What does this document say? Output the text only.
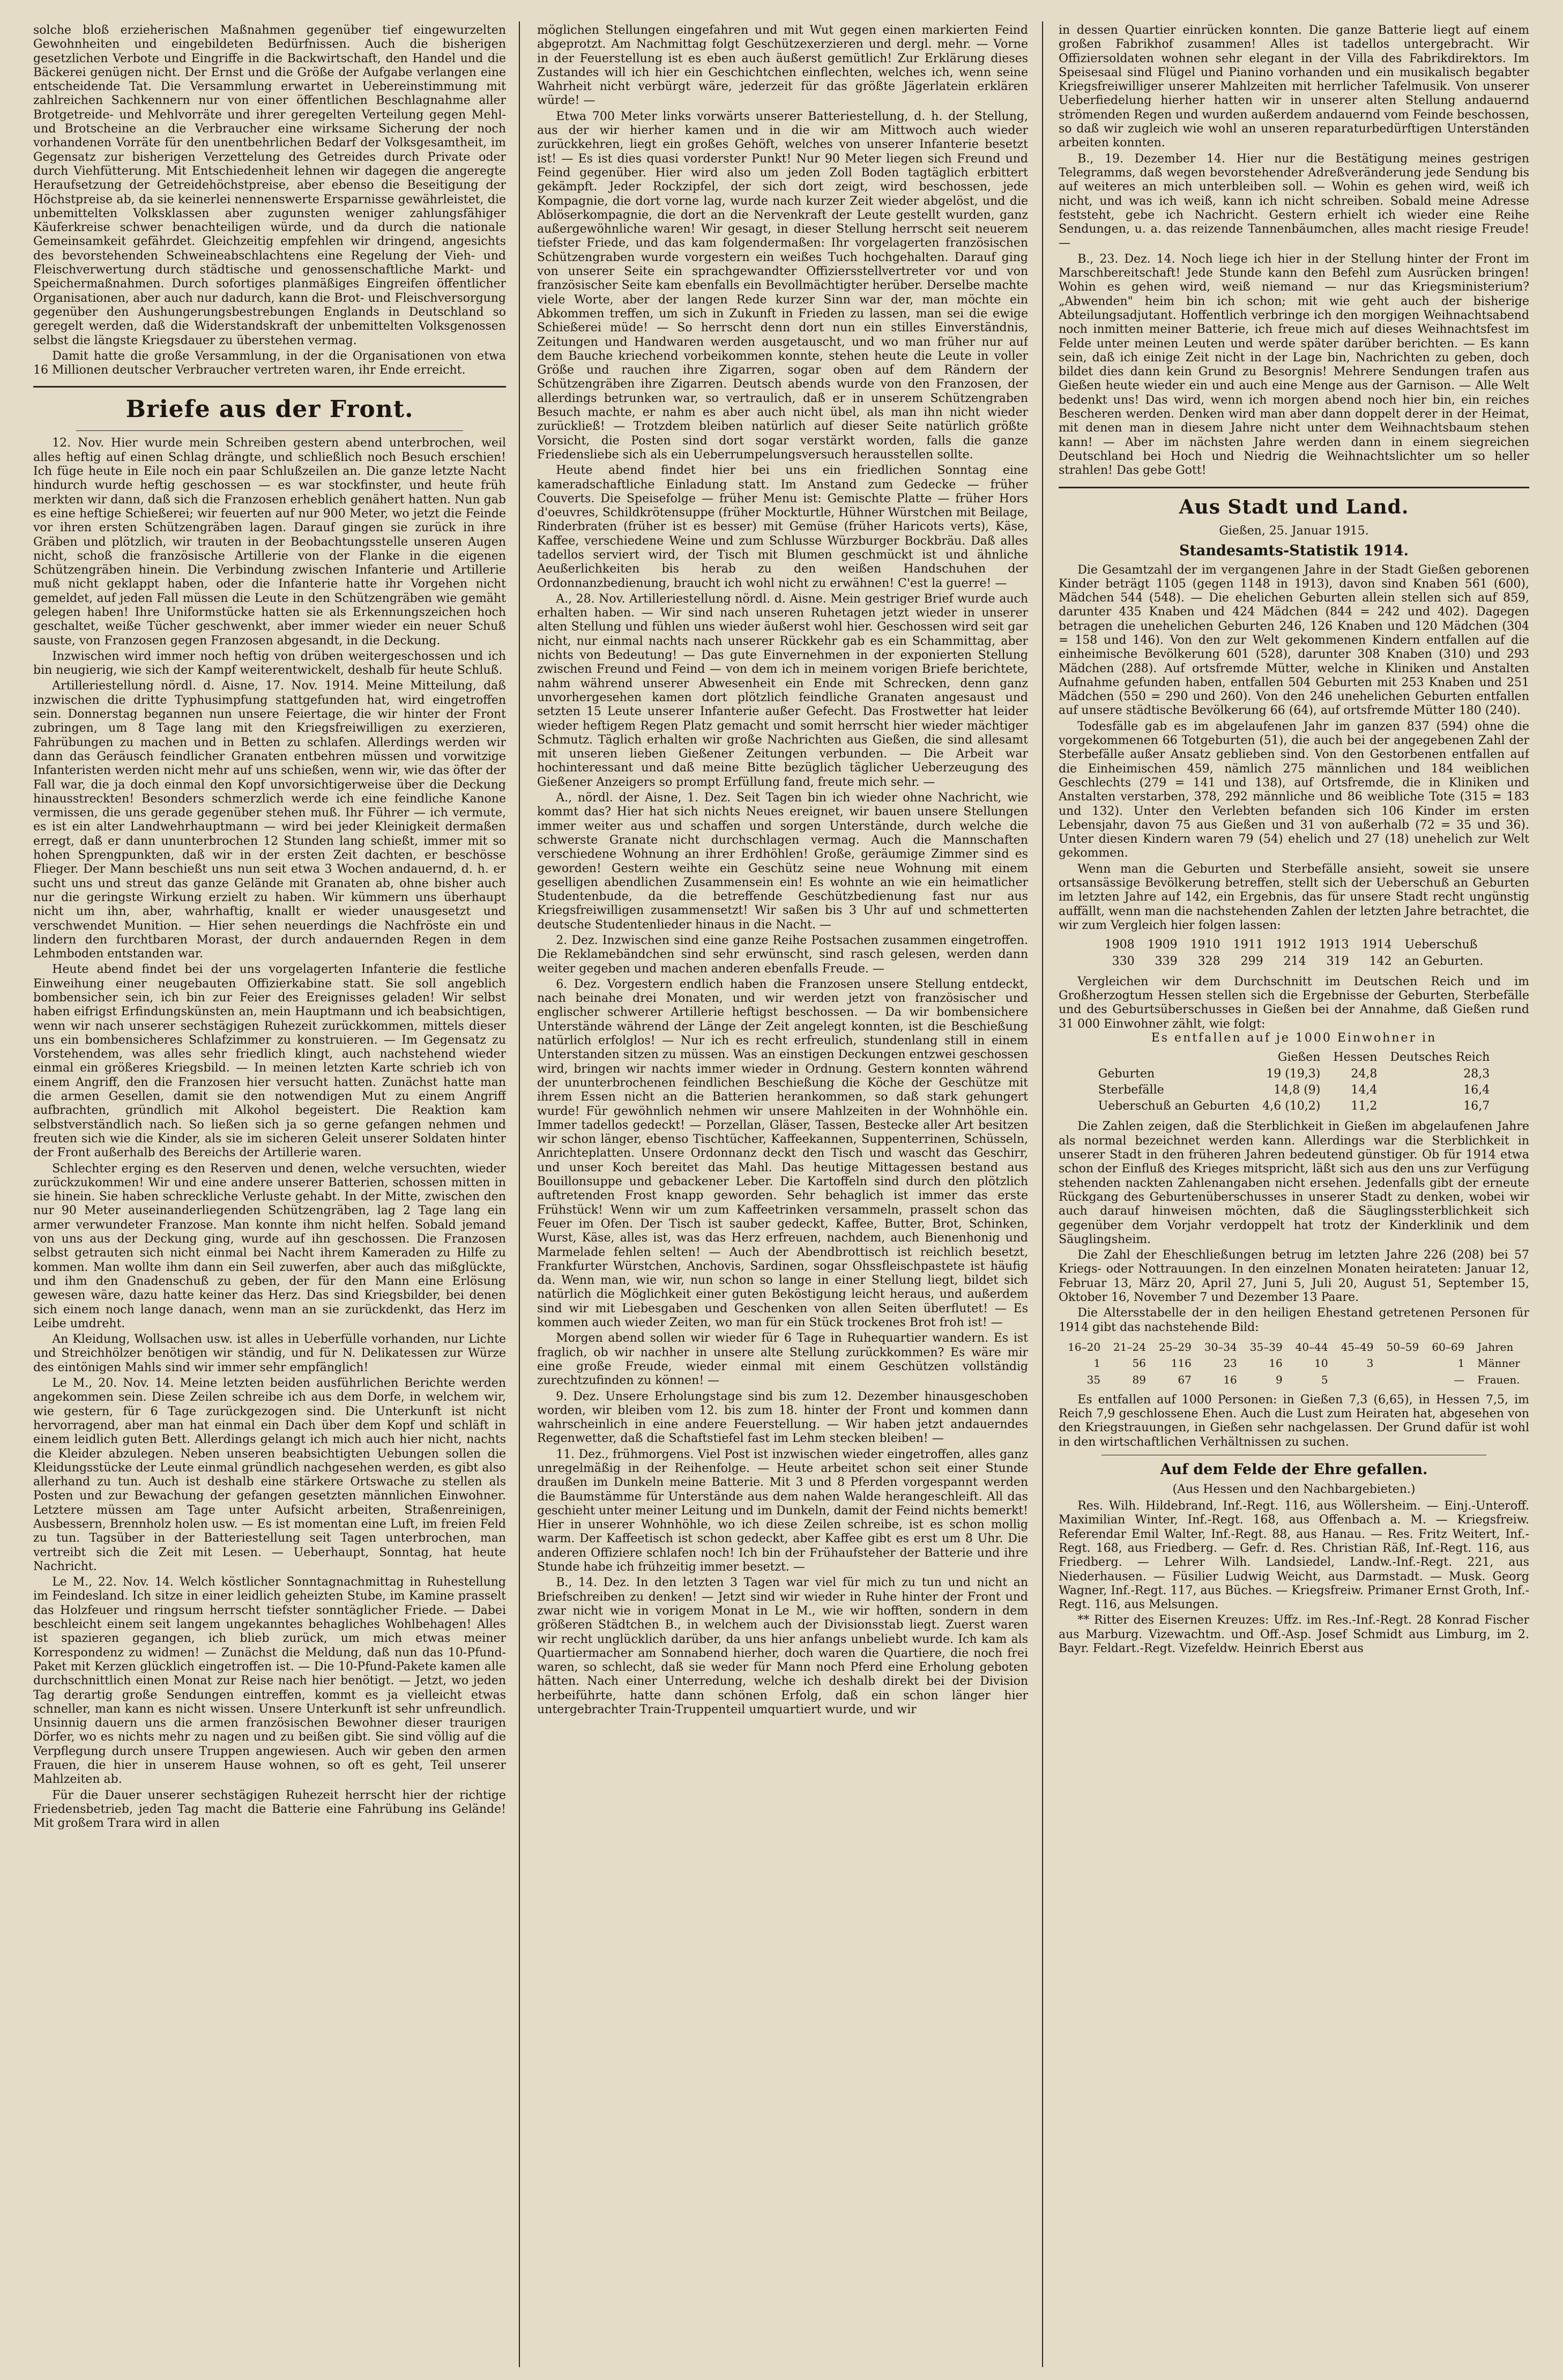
solche bloß erzieherischen Maßnahmen gegenüber tief eingewurzelten Gewohnheiten und eingebildeten Bedürfnissen. Auch die bisherigen gesetzlichen Verbote und Eingriffe in die Backwirtschaft, den Handel und die Bäckerei genügen nicht. Der Ernst und die Größe der Aufgabe verlangen eine entscheidende Tat. Die Versammlung erwartet in Uebereinstimmung mit zahlreichen Sachkennern nur von einer öffentlichen Beschlagnahme aller Brotgetreide- und Mehlvorräte und ihrer geregelten Verteilung gegen Mehl- und Brotscheine an die Verbraucher eine wirksame Sicherung der noch vorhandenen Vorräte für den unentbehrlichen Bedarf der Volksgesamtheit, im Gegensatz zur bisherigen Verzettelung des Getreides durch Private oder durch Viehfütterung. Mit Entschiedenheit lehnen wir dagegen die angeregte Heraufsetzung der Getreidehöchstpreise, aber ebenso die Beseitigung der Höchstpreise ab, da sie keinerlei nennenswerte Ersparnisse gewährleistet, die unbemittelten Volksklassen aber zugunsten weniger zahlungsfähiger Käuferkreise schwer benachteiligen würde, und da durch die nationale Gemeinsamkeit gefährdet. Gleichzeitig empfehlen wir dringend, angesichts des bevorstehenden Schweineabschlachtens eine Regelung der Vieh- und Fleischverwertung durch städtische und genossenschaftliche Markt- und Speichermaßnahmen. Durch sofortiges planmäßiges Eingreifen öffentlicher Organisationen, aber auch nur dadurch, kann die Brot- und Fleischversorgung gegenüber den Aushungerungsbestrebungen Englands in Deutschland so geregelt werden, daß die Widerstandskraft der unbemittelten Volksgenossen selbst die längste Kriegsdauer zu überstehen vermag.

Damit hatte die große Versammlung, in der die Organisationen von etwa 16 Millionen deutscher Verbraucher vertreten waren, ihr Ende erreicht.

Briefe aus der Front.

12. Nov. Hier wurde mein Schreiben gestern abend unterbrochen, weil alles heftig auf einen Schlag drängte, und schließlich noch Besuch erschien! Ich füge heute in Eile noch ein paar Schlußzeilen an. Die ganze letzte Nacht hindurch wurde heftig geschossen — es war stockfinster, und heute früh merkten wir dann, daß sich die Franzosen erheblich genähert hatten. Nun gab es eine heftige Schießerei; wir feuerten auf nur 900 Meter, wo jetzt die Feinde vor ihren ersten Schützengräben lagen. Darauf gingen sie zurück in ihre Gräben und plötzlich, wir trauten in der Beobachtungsstelle unseren Augen nicht, schoß die französische Artillerie von der Flanke in die eigenen Schützengräben hinein. Die Verbindung zwischen Infanterie und Artillerie muß nicht geklappt haben, oder die Infanterie hatte ihr Vorgehen nicht gemeldet, auf jeden Fall müssen die Leute in den Schützengräben wie gemäht gelegen haben! Ihre Uniformstücke hatten sie als Erkennungszeichen hoch geschaltet, weiße Tücher geschwenkt, aber immer wieder ein neuer Schuß sauste, von Franzosen gegen Franzosen abgesandt, in die Deckung.

Inzwischen wird immer noch heftig von drüben weitergeschossen und ich bin neugierig, wie sich der Kampf weiterentwickelt, deshalb für heute Schluß.

Artilleriestellung nördl. d. Aisne, 17. Nov. 1914. Meine Mitteilung, daß inzwischen die dritte Typhusimpfung stattgefunden hat, wird eingetroffen sein. Donnerstag begannen nun unsere Feiertage, die wir hinter der Front zubringen, um 8 Tage lang mit den Kriegsfreiwilligen zu exerzieren, Fahrübungen zu machen und in Betten zu schlafen. Allerdings werden wir dann das Geräusch feindlicher Granaten entbehren müssen und vorwitzige Infanteristen werden nicht mehr auf uns schießen, wenn wir, wie das öfter der Fall war, die ja doch einmal den Kopf unvorsichtigerweise über die Deckung hinausstreckten! Besonders schmerzlich werde ich eine feindliche Kanone vermissen, die uns gerade gegenüber stehen muß. Ihr Führer — ich vermute, es ist ein alter Landwehrhauptmann — wird bei jeder Kleinigkeit dermaßen erregt, daß er dann ununterbrochen 12 Stunden lang schießt, immer mit so hohen Sprengpunkten, daß wir in der ersten Zeit dachten, er beschösse Flieger. Der Mann beschießt uns nun seit etwa 3 Wochen andauernd, d. h. er sucht uns und streut das ganze Gelände mit Granaten ab, ohne bisher auch nur die geringste Wirkung erzielt zu haben. Wir kümmern uns überhaupt nicht um ihn, aber, wahrhaftig, knallt er wieder unausgesetzt und verschwendet Munition. — Hier sehen neuerdings die Nachfröste ein und lindern den furchtbaren Morast, der durch andauernden Regen in dem Lehmboden entstanden war.

Heute abend findet bei der uns vorgelagerten Infanterie die festliche Einweihung einer neugebauten Offizierkabine statt. Sie soll angeblich bombensicher sein, ich bin zur Feier des Ereignisses geladen! Wir selbst haben eifrigst Erfindungskünsten an, mein Hauptmann und ich beabsichtigen, wenn wir nach unserer sechstägigen Ruhezeit zurückkommen, mittels dieser uns ein bombensicheres Schlafzimmer zu konstruieren. — Im Gegensatz zu Vorstehendem, was alles sehr friedlich klingt, auch nachstehend wieder einmal ein größeres Kriegsbild. — In meinen letzten Karte schrieb ich von einem Angriff, den die Franzosen hier versucht hatten. Zunächst hatte man die armen Gesellen, damit sie den notwendigen Mut zu einem Angriff aufbrachten, gründlich mit Alkohol begeistert. Die Reaktion kam selbstverständlich nach. So ließen sich ja so gerne gefangen nehmen und freuten sich wie die Kinder, als sie im sicheren Geleit unserer Soldaten hinter der Front außerhalb des Bereichs der Artillerie waren.

Schlechter erging es den Reserven und denen, welche versuchten, wieder zurückzukommen! Wir und eine andere unserer Batterien, schossen mitten in sie hinein. Sie haben schreckliche Verluste gehabt. In der Mitte, zwischen den nur 90 Meter auseinanderliegenden Schützengräben, lag 2 Tage lang ein armer verwundeter Franzose. Man konnte ihm nicht helfen. Sobald jemand von uns aus der Deckung ging, wurde auf ihn geschossen. Die Franzosen selbst getrauten sich nicht einmal bei Nacht ihrem Kameraden zu Hilfe zu kommen. Man wollte ihm dann ein Seil zuwerfen, aber auch das mißglückte, und ihm den Gnadenschuß zu geben, der für den Mann eine Erlösung gewesen wäre, dazu hatte keiner das Herz. Das sind Kriegsbilder, bei denen sich einem noch lange danach, wenn man an sie zurückdenkt, das Herz im Leibe umdreht.

An Kleidung, Wollsachen usw. ist alles in Ueberfülle vorhanden, nur Lichte und Streichhölzer benötigen wir ständig, und für N. Delikatessen zur Würze des eintönigen Mahls sind wir immer sehr empfänglich!

Le M., 20. Nov. 14. Meine letzten beiden ausführlichen Berichte werden angekommen sein. Diese Zeilen schreibe ich aus dem Dorfe, in welchem wir, wie gestern, für 6 Tage zurückgezogen sind. Die Unterkunft ist nicht hervorragend, aber man hat einmal ein Dach über dem Kopf und schläft in einem leidlich guten Bett. Allerdings gelangt ich mich auch hier nicht, nachts die Kleider abzulegen. Neben unseren beabsichtigten Uebungen sollen die Kleidungsstücke der Leute einmal gründlich nachgesehen werden, es gibt also allerhand zu tun. Auch ist deshalb eine stärkere Ortswache zu stellen als Posten und zur Bewachung der gefangen gesetzten männlichen Einwohner. Letztere müssen am Tage unter Aufsicht arbeiten, Straßenreinigen, Ausbessern, Brennholz holen usw. — Es ist momentan eine Luft, im freien Feld zu tun. Tagsüber in der Batteriestellung seit Tagen unterbrochen, man vertreibt sich die Zeit mit Lesen. — Ueberhaupt, Sonntag, hat heute Nachricht.

Le M., 22. Nov. 14. Welch köstlicher Sonntagnachmittag in Ruhestellung im Feindesland. Ich sitze in einer leidlich geheizten Stube, im Kamine prasselt das Holzfeuer und ringsum herrscht tiefster sonntäglicher Friede. — Dabei beschleicht einem seit langem ungekanntes behagliches Wohlbehagen! Alles ist spazieren gegangen, ich blieb zurück, um mich etwas meiner Korrespondenz zu widmen! — Zunächst die Meldung, daß nun das 10-Pfund-Paket mit Kerzen glücklich eingetroffen ist. — Die 10-Pfund-Pakete kamen alle durchschnittlich einen Monat zur Reise nach hier benötigt. — Jetzt, wo jeden Tag derartig große Sendungen eintreffen, kommt es ja vielleicht etwas schneller, man kann es nicht wissen. Unsere Unterkunft ist sehr unfreundlich. Unsinnig dauern uns die armen französischen Bewohner dieser traurigen Dörfer, wo es nichts mehr zu nagen und zu beißen gibt. Sie sind völlig auf die Verpflegung durch unsere Truppen angewiesen. Auch wir geben den armen Frauen, die hier in unserem Hause wohnen, so oft es geht, Teil unserer Mahlzeiten ab.

Für die Dauer unserer sechstägigen Ruhezeit herrscht hier der richtige Friedensbetrieb, jeden Tag macht die Batterie eine Fahrübung ins Gelände! Mit großem Trara wird in allen

möglichen Stellungen eingefahren und mit Wut gegen einen markierten Feind abgeprotzt. Am Nachmittag folgt Geschützexerzieren und dergl. mehr. — Vorne in der Feuerstellung ist es eben auch äußerst gemütlich! Zur Erklärung dieses Zustandes will ich hier ein Geschichtchen einflechten, welches ich, wenn seine Wahrheit nicht verbürgt wäre, jederzeit für das größte Jägerlatein erklären würde! —

Etwa 700 Meter links vorwärts unserer Batteriestellung, d. h. der Stellung, aus der wir hierher kamen und in die wir am Mittwoch auch wieder zurückkehren, liegt ein großes Gehöft, welches von unserer Infanterie besetzt ist! — Es ist dies quasi vorderster Punkt! Nur 90 Meter liegen sich Freund und Feind gegenüber. Hier wird also um jeden Zoll Boden tagtäglich erbittert gekämpft. Jeder Rockzipfel, der sich dort zeigt, wird beschossen, jede Kompagnie, die dort vorne lag, wurde nach kurzer Zeit wieder abgelöst, und die Ablöserkompagnie, die dort an die Nervenkraft der Leute gestellt wurden, ganz außergewöhnliche waren! Wir gesagt, in dieser Stellung herrscht seit neuerem tiefster Friede, und das kam folgendermaßen: Ihr vorgelagerten französischen Schützengraben wurde vorgestern ein weißes Tuch hochgehalten. Darauf ging von unserer Seite ein sprachgewandter Offiziersstellvertreter vor und von französischer Seite kam ebenfalls ein Bevollmächtigter herüber. Derselbe machte viele Worte, aber der langen Rede kurzer Sinn war der, man möchte ein Abkommen treffen, um sich in Zukunft in Frieden zu lassen, man sei die ewige Schießerei müde! — So herrscht denn dort nun ein stilles Einverständnis, Zeitungen und Handwaren werden ausgetauscht, und wo man früher nur auf dem Bauche kriechend vorbeikommen konnte, stehen heute die Leute in voller Größe und rauchen ihre Zigarren, sogar oben auf dem Rändern der Schützengräben ihre Zigarren. Deutsch abends wurde von den Franzosen, der allerdings betrunken war, so vertraulich, daß er in unserem Schützengraben Besuch machte, er nahm es aber auch nicht übel, als man ihn nicht wieder zurückließ! — Trotzdem bleiben natürlich auf dieser Seite natürlich größte Vorsicht, die Posten sind dort sogar verstärkt worden, falls die ganze Friedensliebe sich als ein Ueberrumpelungsversuch herausstellen sollte.

Heute abend findet hier bei uns ein friedlichen Sonntag eine kameradschaftliche Einladung statt. Im Anstand zum Gedecke — früher Couverts. Die Speisefolge — früher Menu ist: Gemischte Platte — früher Hors d'oeuvres, Schildkrötensuppe (früher Mockturtle, Hühner Würstchen mit Beilage, Rinderbraten (früher ist es besser) mit Gemüse (früher Haricots verts), Käse, Kaffee, verschiedene Weine und zum Schlusse Würzburger Bockbräu. Daß alles tadellos serviert wird, der Tisch mit Blumen geschmückt ist und ähnliche Aeußerlichkeiten bis herab zu den weißen Handschuhen der Ordonnanzbedienung, braucht ich wohl nicht zu erwähnen! C'est la guerre! —

A., 28. Nov. Artilleriestellung nördl. d. Aisne. Mein gestriger Brief wurde auch erhalten haben. — Wir sind nach unseren Ruhetagen jetzt wieder in unserer alten Stellung und fühlen uns wieder äußerst wohl hier. Geschossen wird seit gar nicht, nur einmal nachts nach unserer Rückkehr gab es ein Schammittag, aber nichts von Bedeutung! — Das gute Einvernehmen in der exponierten Stellung zwischen Freund und Feind — von dem ich in meinem vorigen Briefe berichtete, nahm während unserer Abwesenheit ein Ende mit Schrecken, denn ganz unvorhergesehen kamen dort plötzlich feindliche Granaten angesaust und setzten 15 Leute unserer Infanterie außer Gefecht. Das Frostwetter hat leider wieder heftigem Regen Platz gemacht und somit herrscht hier wieder mächtiger Schmutz. Täglich erhalten wir große Nachrichten aus Gießen, die sind allesamt mit unseren lieben Gießener Zeitungen verbunden. — Die Arbeit war hochinteressant und daß meine Bitte bezüglich täglicher Ueberzeugung des Gießener Anzeigers so prompt Erfüllung fand, freute mich sehr. —

A., nördl. der Aisne, 1. Dez. Seit Tagen bin ich wieder ohne Nachricht, wie kommt das? Hier hat sich nichts Neues ereignet, wir bauen unsere Stellungen immer weiter aus und schaffen und sorgen Unterstände, durch welche die schwerste Granate nicht durchschlagen vermag. Auch die Mannschaften verschiedene Wohnung an ihrer Erdhöhlen! Große, geräumige Zimmer sind es geworden! Gestern weihte ein Geschütz seine neue Wohnung mit einem geselligen abendlichen Zusammensein ein! Es wohnte an wie ein heimatlicher Studentenbude, da die betreffende Geschützbedienung fast nur aus Kriegsfreiwilligen zusammensetzt! Wir saßen bis 3 Uhr auf und schmetterten deutsche Studentenlieder hinaus in die Nacht. —

2. Dez. Inzwischen sind eine ganze Reihe Postsachen zusammen eingetroffen. Die Reklamebändchen sind sehr erwünscht, sind rasch gelesen, werden dann weiter gegeben und machen anderen ebenfalls Freude. —

6. Dez. Vorgestern endlich haben die Franzosen unsere Stellung entdeckt, nach beinahe drei Monaten, und wir werden jetzt von französischer und englischer schwerer Artillerie heftigst beschossen. — Da wir bombensichere Unterstände während der Länge der Zeit angelegt konnten, ist die Beschießung natürlich erfolglos! — Nur ich es recht erfreulich, stundenlang still in einem Unterstanden sitzen zu müssen. Was an einstigen Deckungen entzwei geschossen wird, bringen wir nachts immer wieder in Ordnung. Gestern konnten während der ununterbrochenen feindlichen Beschießung die Köche der Geschütze mit ihrem Essen nicht an die Batterien herankommen, so daß stark gehungert wurde! Für gewöhnlich nehmen wir unsere Mahlzeiten in der Wohnhöhle ein. Immer tadellos gedeckt! — Porzellan, Gläser, Tassen, Bestecke aller Art besitzen wir schon länger, ebenso Tischtücher, Kaffeekannen, Suppenterrinen, Schüsseln, Anrichteplatten. Unsere Ordonnanz deckt den Tisch und wascht das Geschirr, und unser Koch bereitet das Mahl. Das heutige Mittagessen bestand aus Bouillonsuppe und gebackener Leber. Die Kartoffeln sind durch den plötzlich auftretenden Frost knapp geworden. Sehr behaglich ist immer das erste Frühstück! Wenn wir um zum Kaffeetrinken versammeln, prasselt schon das Feuer im Ofen. Der Tisch ist sauber gedeckt, Kaffee, Butter, Brot, Schinken, Wurst, Käse, alles ist, was das Herz erfreuen, nachdem, auch Bienenhonig und Marmelade fehlen selten! — Auch der Abendbrottisch ist reichlich besetzt, Frankfurter Würstchen, Anchovis, Sardinen, sogar Ohssfleischpastete ist häufig da. Wenn man, wie wir, nun schon so lange in einer Stellung liegt, bildet sich natürlich die Möglichkeit einer guten Beköstigung leicht heraus, und außerdem sind wir mit Liebesgaben und Geschenken von allen Seiten überflutet! — Es kommen auch wieder Zeiten, wo man für ein Stück trockenes Brot froh ist! —

Morgen abend sollen wir wieder für 6 Tage in Ruhequartier wandern. Es ist fraglich, ob wir nachher in unsere alte Stellung zurückkommen? Es wäre mir eine große Freude, wieder einmal mit einem Geschützen vollständig zurechtzufinden zu können! —

9. Dez. Unsere Erholungstage sind bis zum 12. Dezember hinausgeschoben worden, wir bleiben vom 12. bis zum 18. hinter der Front und kommen dann wahrscheinlich in eine andere Feuerstellung. — Wir haben jetzt andauerndes Regenwetter, daß die Schaftstiefel fast im Lehm stecken bleiben! —

11. Dez., frühmorgens. Viel Post ist inzwischen wieder eingetroffen, alles ganz unregelmäßig in der Reihenfolge. — Heute arbeitet schon seit einer Stunde draußen im Dunkeln meine Batterie. Mit 3 und 8 Pferden vorgespannt werden die Baumstämme für Unterstände aus dem nahen Walde herangeschleift. All das geschieht unter meiner Leitung und im Dunkeln, damit der Feind nichts bemerkt! Hier in unserer Wohnhöhle, wo ich diese Zeilen schreibe, ist es schon mollig warm. Der Kaffeetisch ist schon gedeckt, aber Kaffee gibt es erst um 8 Uhr. Die anderen Offiziere schlafen noch! Ich bin der Frühaufsteher der Batterie und ihre Stunde habe ich frühzeitig immer besetzt. —

B., 14. Dez. In den letzten 3 Tagen war viel für mich zu tun und nicht an Briefschreiben zu denken! — Jetzt sind wir wieder in Ruhe hinter der Front und zwar nicht wie in vorigem Monat in Le M., wie wir hofften, sondern in dem größeren Städtchen B., in welchem auch der Divisionsstab liegt. Zuerst waren wir recht unglücklich darüber, da uns hier anfangs unbeliebt wurde. Ich kam als Quartiermacher am Sonnabend hierher, doch waren die Quartiere, die noch frei waren, so schlecht, daß sie weder für Mann noch Pferd eine Erholung geboten hätten. Nach einer Unterredung, welche ich deshalb direkt bei der Division herbeiführte, hatte dann schönen Erfolg, daß ein schon länger hier untergebrachter Train-Truppenteil umquartiert wurde, und wir

in dessen Quartier einrücken konnten. Die ganze Batterie liegt auf einem großen Fabrikhof zusammen! Alles ist tadellos untergebracht. Wir Offiziersoldaten wohnen sehr elegant in der Villa des Fabrikdirektors. Im Speisesaal sind Flügel und Pianino vorhanden und ein musikalisch begabter Kriegsfreiwilliger unserer Mahlzeiten mit herrlicher Tafelmusik. Von unserer Ueberfiedelung hierher hatten wir in unserer alten Stellung andauernd strömenden Regen und wurden außerdem andauernd vom Feinde beschossen, so daß wir zugleich wie wohl an unseren reparaturbedürftigen Unterständen arbeiten konnten.

B., 19. Dezember 14. Hier nur die Bestätigung meines gestrigen Telegramms, daß wegen bevorstehender Adreßveränderung jede Sendung bis auf weiteres an mich unterbleiben soll. — Wohin es gehen wird, weiß ich nicht, und was ich weiß, kann ich nicht schreiben. Sobald meine Adresse feststeht, gebe ich Nachricht. Gestern erhielt ich wieder eine Reihe Sendungen, u. a. das reizende Tannenbäumchen, alles macht riesige Freude! —

B., 23. Dez. 14. Noch liege ich hier in der Stellung hinter der Front im Marschbereitschaft! Jede Stunde kann den Befehl zum Ausrücken bringen! Wohin es gehen wird, weiß niemand — nur das Kriegsministerium? „Abwenden" heim bin ich schon; mit wie geht auch der bisherige Abteilungsadjutant. Hoffentlich verbringe ich den morgigen Weihnachtsabend noch inmitten meiner Batterie, ich freue mich auf dieses Weihnachtsfest im Felde unter meinen Leuten und werde später darüber berichten. — Es kann sein, daß ich einige Zeit nicht in der Lage bin, Nachrichten zu geben, doch bildet dies dann kein Grund zu Besorgnis! Mehrere Sendungen trafen aus Gießen heute wieder ein und auch eine Menge aus der Garnison. — Alle Welt bedenkt uns! Das wird, wenn ich morgen abend noch hier bin, ein reiches Bescheren werden. Denken wird man aber dann doppelt derer in der Heimat, mit denen man in diesem Jahre nicht unter dem Weihnachtsbaum stehen kann! — Aber im nächsten Jahre werden dann in einem siegreichen Deutschland bei Hoch und Niedrig die Weihnachtslichter um so heller strahlen! Das gebe Gott!

Aus Stadt und Land.
Gießen, 25. Januar 1915.
Standesamts-Statistik 1914.

Die Gesamtzahl der im vergangenen Jahre in der Stadt Gießen geborenen Kinder beträgt 1105 (gegen 1148 in 1913), davon sind Knaben 561 (600), Mädchen 544 (548). — Die ehelichen Geburten allein stellen sich auf 859, darunter 435 Knaben und 424 Mädchen (844 = 242 und 402). Dagegen betragen die unehelichen Geburten 246, 126 Knaben und 120 Mädchen (304 = 158 und 146). Von den zur Welt gekommenen Kindern entfallen auf die einheimische Bevölkerung 601 (528), darunter 308 Knaben (310) und 293 Mädchen (288). Auf ortsfremde Mütter, welche in Kliniken und Anstalten Aufnahme gefunden haben, entfallen 504 Geburten mit 253 Knaben und 251 Mädchen (550 = 290 und 260). Von den 246 unehelichen Geburten entfallen auf unsere städtische Bevölkerung 66 (64), auf ortsfremde Mütter 180 (240).

Todesfälle gab es im abgelaufenen Jahr im ganzen 837 (594) ohne die vorgekommenen 66 Totgeburten (51), die auch bei der angegebenen Zahl der Sterbefälle außer Ansatz geblieben sind. Von den Gestorbenen entfallen auf die Einheimischen 459, nämlich 275 männlichen und 184 weiblichen Geschlechts (279 = 141 und 138), auf Ortsfremde, die in Kliniken und Anstalten verstarben, 378, 292 männliche und 86 weibliche Tote (315 = 183 und 132). Unter den Verlebten befanden sich 106 Kinder im ersten Lebensjahr, davon 75 aus Gießen und 31 von außerhalb (72 = 35 und 36). Unter diesen Kindern waren 79 (54) ehelich und 27 (18) unehelich zur Welt gekommen.

Wenn man die Geburten und Sterbefälle ansieht, soweit sie unsere ortsansässige Bevölkerung betreffen, stellt sich der Ueberschuß an Geburten im letzten Jahre auf 142, ein Ergebnis, das für unsere Stadt recht ungünstig auffällt, wenn man die nachstehenden Zahlen der letzten Jahre betrachtet, die wir zum Vergleich hier folgen lassen:

1908	1909	1910	1911	1912	1913	1914	Ueberschuß
330	339	328	299	214	319	142	an Geburten.

Vergleichen wir dem Durchschnitt im Deutschen Reich und im Großherzogtum Hessen stellen sich die Ergebnisse der Geburten, Sterbefälle und des Geburtsüberschusses in Gießen bei der Annahme, daß Gießen rund 31 000 Einwohner zählt, wie folgt:

Es entfallen auf je 1000 Einwohner in
	Gießen	Hessen	Deutsches Reich
Geburten	19 (19,3)	24,8	28,3
Sterbefälle	14,8 (9)	14,4	16,4
Ueberschuß an Geburten	4,6 (10,2)	11,2	16,7

Die Zahlen zeigen, daß die Sterblichkeit in Gießen im abgelaufenen Jahre als normal bezeichnet werden kann. Allerdings war die Sterblichkeit in unserer Stadt in den früheren Jahren bedeutend günstiger. Ob für 1914 etwa schon der Einfluß des Krieges mitspricht, läßt sich aus den uns zur Verfügung stehenden nackten Zahlenangaben nicht ersehen. Jedenfalls gibt der erneute Rückgang des Geburtenüberschusses in unserer Stadt zu denken, wobei wir auch darauf hinweisen möchten, daß die Säuglingssterblichkeit sich gegenüber dem Vorjahr verdoppelt hat trotz der Kinderklinik und dem Säuglingsheim.

Die Zahl der Eheschließungen betrug im letzten Jahre 226 (208) bei 57 Kriegs- oder Nottrauungen. In den einzelnen Monaten heirateten: Januar 12, Februar 13, März 20, April 27, Juni 5, Juli 20, August 51, September 15, Oktober 16, November 7 und Dezember 13 Paare.

Die Altersstabelle der in den heiligen Ehestand getretenen Personen für 1914 gibt das nachstehende Bild:

16–20	21–24	25–29	30–34	35–39	40–44	45–49	50–59	60–69	Jahren
1	56	116	23	16	10	3		1	Männer
35	89	67	16	9	5			—	Frauen.

Es entfallen auf 1000 Personen: in Gießen 7,3 (6,65), in Hessen 7,5, im Reich 7,9 geschlossene Ehen. Auch die Lust zum Heiraten hat, abgesehen von den Kriegstrauungen, in Gießen sehr nachgelassen. Der Grund dafür ist wohl in den wirtschaftlichen Verhältnissen zu suchen.

Auf dem Felde der Ehre gefallen.
(Aus Hessen und den Nachbargebieten.)

Res. Wilh. Hildebrand, Inf.-Regt. 116, aus Wöllersheim. — Einj.-Unteroff. Maximilian Winter, Inf.-Regt. 168, aus Offenbach a. M. — Kriegsfreiw. Referendar Emil Walter, Inf.-Regt. 88, aus Hanau. — Res. Fritz Weitert, Inf.-Regt. 168, aus Friedberg. — Gefr. d. Res. Christian Räß, Inf.-Regt. 116, aus Friedberg. — Lehrer Wilh. Landsiedel, Landw.-Inf.-Regt. 221, aus Niederhausen. — Füsilier Ludwig Weicht, aus Darmstadt. — Musk. Georg Wagner, Inf.-Regt. 117, aus Büches. — Kriegsfreiw. Primaner Ernst Groth, Inf.-Regt. 116, aus Melsungen.

** Ritter des Eisernen Kreuzes: Uffz. im Res.-Inf.-Regt. 28 Konrad Fischer aus Marburg. Vizewachtm. und Off.-Asp. Josef Schmidt aus Limburg, im 2. Bayr. Feldart.-Regt. Vizefeldw. Heinrich Eberst aus
